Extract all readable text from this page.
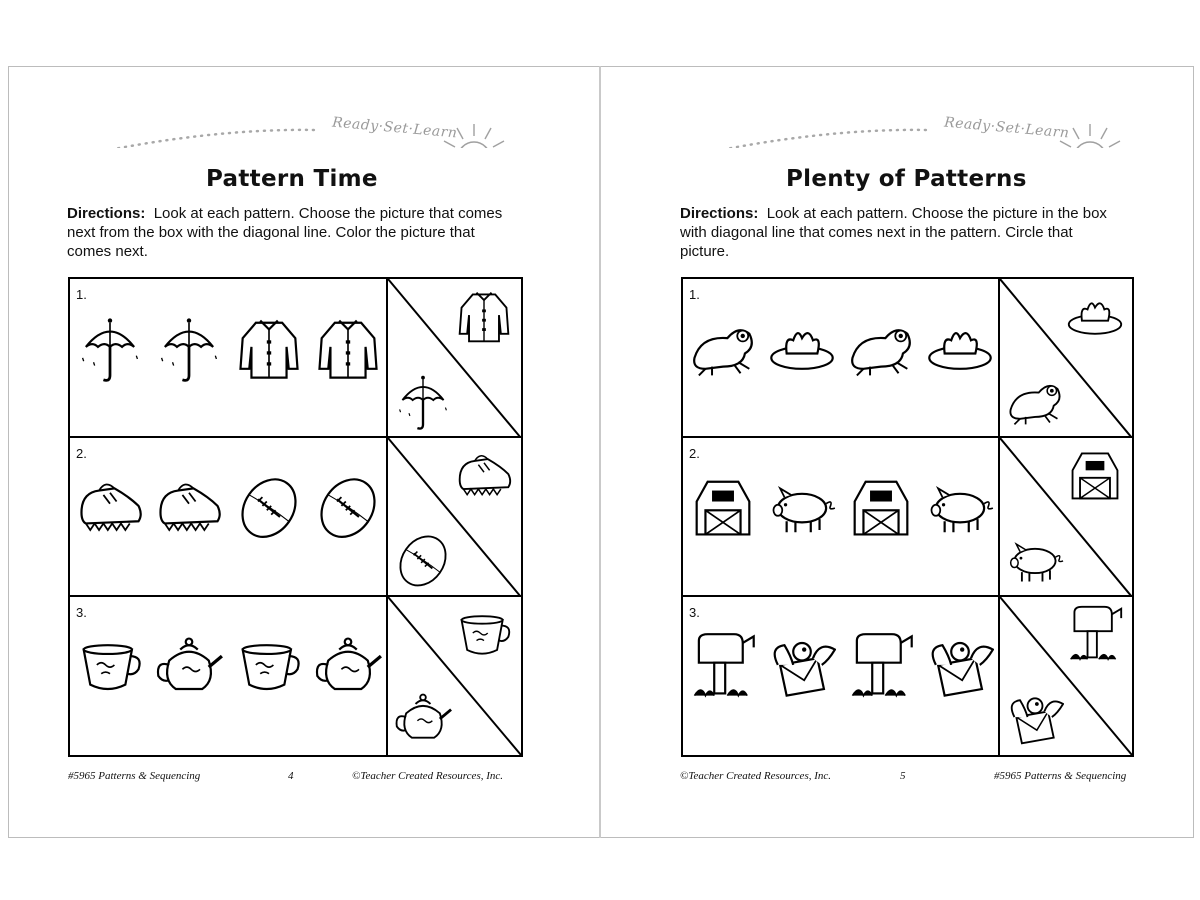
Ready·Set·Learn
Pattern Time
Directions: Look at each pattern. Choose the picture that comes next from the box with the diagonal line. Color the picture that comes next.
1.
2.
3.
#5965 Patterns & Sequencing	4	©Teacher Created Resources, Inc.
Ready·Set·Learn
Plenty of Patterns
Directions: Look at each pattern. Choose the picture in the box with diagonal line that comes next in the pattern. Circle that picture.
1.
2.
3.
©Teacher Created Resources, Inc.	5	#5965 Patterns & Sequencing
